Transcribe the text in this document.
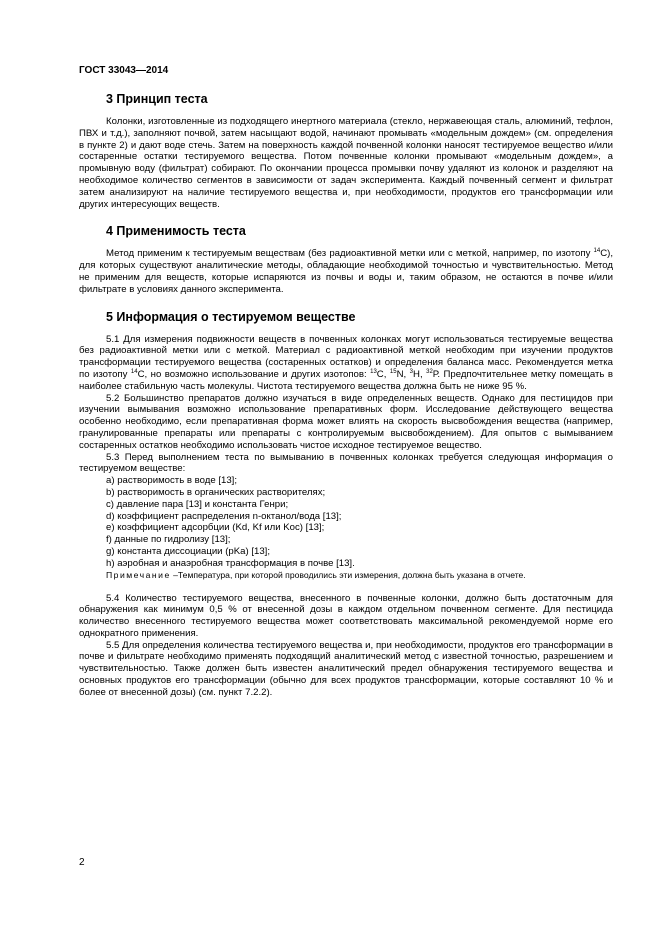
ГОСТ 33043—2014
3 Принцип теста

Колонки, изготовленные из подходящего инертного материала (стекло, нержавеющая сталь, алюминий, тефлон, ПВХ и т.д.), заполняют почвой, затем насыщают водой, начинают промывать «модельным дождем» (см. определения в пункте 2) и дают воде стечь. Затем на поверхность каждой почвенной колонки наносят тестируемое вещество и/или состаренные остатки тестируемого вещества. Потом почвенные колонки промывают «модельным дождем», а промывную воду (фильтрат) собирают. По окончании процесса промывки почву удаляют из колонок и разделяют на необходимое количество сегментов в зависимости от задач эксперимента. Каждый почвенный сегмент и фильтрат затем анализируют на наличие тестируемого вещества и, при необходимости, продуктов его трансформации или других интересующих веществ.

4 Применимость теста

Метод применим к тестируемым веществам (без радиоактивной метки или с меткой, например, по изотопу $^{14}$С), для которых существуют аналитические методы, обладающие необходимой точностью и чувствительностью. Метод не применим для веществ, которые испаряются из почвы и воды и, таким образом, не остаются в почве и/или фильтрате в условиях данного эксперимента.

5 Информация о тестируемом веществе

5.1 Для измерения подвижности веществ в почвенных колонках могут использоваться тестируемые вещества без радиоактивной метки или с меткой. Материал с радиоактивной меткой необходим при изучении продуктов трансформации тестируемого вещества (состаренных остатков) и определения баланса масс. Рекомендуется метка по изотопу $^{14}$С, но возможно использование и других изотопов: $^{13}$С, $^{15}$N, $^3$Н, $^{32}$Р. Предпочтительнее метку помещать в наиболее стабильную часть молекулы. Чистота тестируемого вещества должна быть не ниже 95 %.

5.2 Большинство препаратов должно изучаться в виде определенных веществ. Однако для пестицидов при изучении вымывания возможно использование препаративных форм. Исследование действующего вещества особенно необходимо, если препаративная форма может влиять на скорость высвобождения вещества (например, гранулированные препараты или препараты с контролируемым высвобождением). Для опытов с вымыванием состаренных остатков необходимо использовать чистое исходное тестируемое вещество.

5.3 Перед выполнением теста по вымыванию в почвенных колонках требуется следующая информация о тестируемом веществе:

a) растворимость в воде [13];
b) растворимость в органических растворителях;
c) давление пара [13] и константа Генри;
d) коэффициент распределения n-октанол/вода [13];
e) коэффициент адсорбции (Kd, Kf или Koc) [13];
f) данные по гидролизу [13];
g) константа диссоциации (pKa) [13];
h) аэробная и анаэробная трансформация в почве [13].
Примечание –Температура, при которой проводились эти измерения, должна быть указана в отчете.

5.4 Количество тестируемого вещества, внесенного в почвенные колонки, должно быть достаточным для обнаружения как минимум 0,5 % от внесенной дозы в каждом отдельном почвенном сегменте. Для пестицида количество внесенного тестируемого вещества может соответствовать максимальной рекомендуемой норме его однократного применения.

5.5 Для определения количества тестируемого вещества и, при необходимости, продуктов его трансформации в почве и фильтрате необходимо применять подходящий аналитический метод с известной точностью, разрешением и чувствительностью. Также должен быть известен аналитический предел обнаружения тестируемого вещества и основных продуктов его трансформации (обычно для всех продуктов трансформации, которые составляют 10 % и более от внесенной дозы) (см. пункт 7.2.2).

2
